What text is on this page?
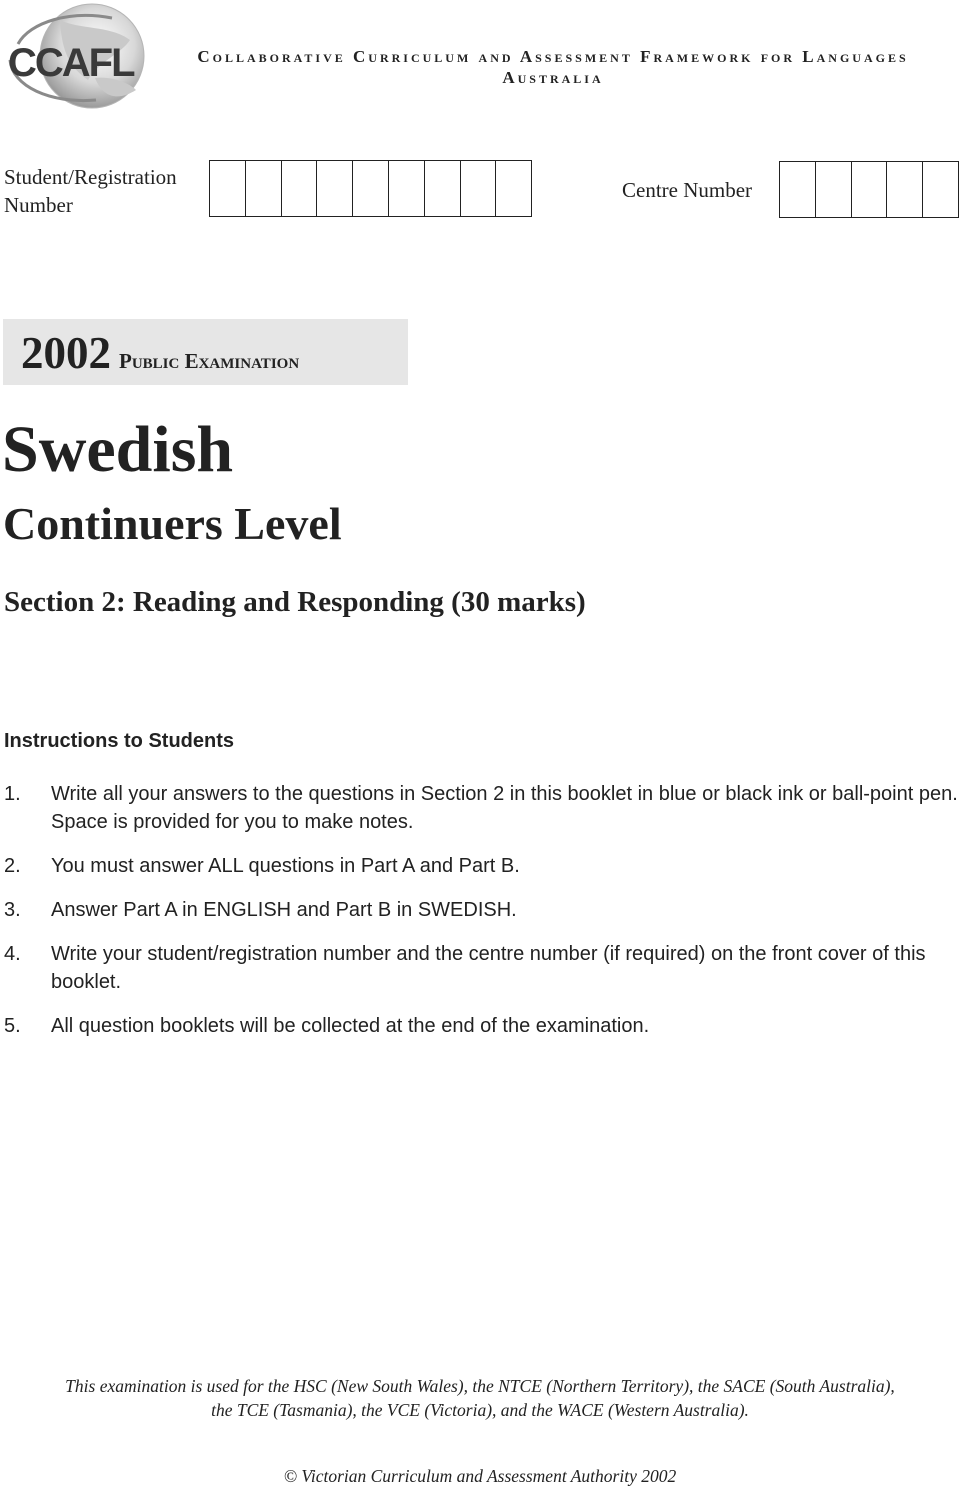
CCAFL	Collaborative Curriculum and Assessment Framework for Languages
Australia
Student/Registration Number
Centre Number
2002 Public Examination
Swedish
Continuers Level
Section 2: Reading and Responding (30 marks)
Instructions to Students
1.	Write all your answers to the questions in Section 2 in this booklet in blue or black ink or ball-point pen. Space is provided for you to make notes.
2.	You must answer ALL questions in Part A and Part B.
3.	Answer Part A in ENGLISH and Part B in SWEDISH.
4.	Write your student/registration number and the centre number (if required) on the front cover of this booklet.
5.	All question booklets will be collected at the end of the examination.
This examination is used for the HSC (New South Wales), the NTCE (Northern Territory), the SACE (South Australia),
the TCE (Tasmania), the VCE (Victoria), and the WACE (Western Australia).
© Victorian Curriculum and Assessment Authority 2002
